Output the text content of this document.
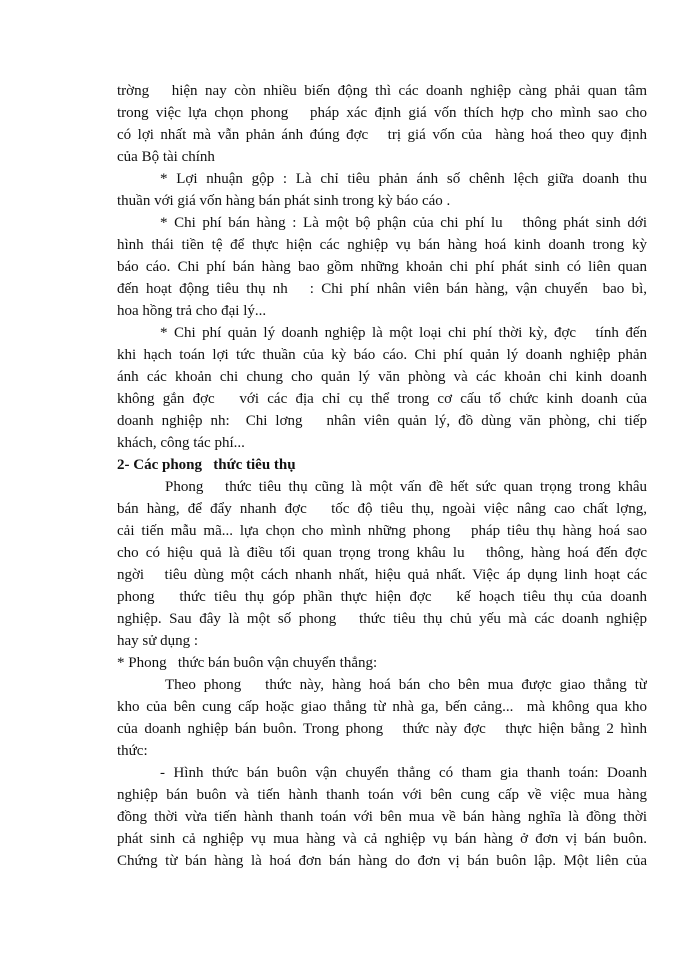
trờng   hiện nay còn nhiều biến động thì các doanh nghiệp càng phải quan tâm
trong việc lựa chọn phong   pháp xác định giá vốn thích hợp cho mình sao cho
có lợi nhất mà vẫn phản ánh đúng đợc   trị giá vốn của  hàng hoá theo quy định
của Bộ tài chính
* Lợi nhuận gộp : Là chỉ tiêu phản ánh số chênh lệch giữa doanh thu
thuần với giá vốn hàng bán phát sinh trong kỳ báo cáo .
* Chi phí bán hàng : Là một bộ phận của chi phí lu   thông phát sinh dới
hình thái tiền tệ để thực hiện các nghiệp vụ bán hàng hoá kinh doanh trong kỳ
báo cáo. Chi phí bán hàng bao gồm những khoản chi phí phát sinh có liên quan
đến hoạt động tiêu thụ nh   : Chi phí nhân viên bán hàng, vận chuyển  bao bì,
hoa hồng trả cho đại lý...
* Chi phí quản lý doanh nghiệp là một loại chi phí thời kỳ, đợc   tính đến
khi hạch toán lợi tức thuần của kỳ báo cáo. Chi phí quản lý doanh nghiệp phản
ánh các khoản chi chung cho quản lý văn phòng và các khoản chi kinh doanh
không gắn đợc   với các địa chỉ cụ thể trong cơ cấu tổ chức kinh doanh của
doanh nghiệp nh:  Chi lơng   nhân viên quản lý, đồ dùng văn phòng, chi tiếp
khách, công tác phí...
2- Các phong   thức tiêu thụ
Phong   thức tiêu thụ cũng là một vấn đề hết sức quan trọng trong khâu
bán hàng, để đẩy nhanh đợc   tốc độ tiêu thụ, ngoài việc nâng cao chất lợng,
cải tiến mẫu mã... lựa chọn cho mình những phong   pháp tiêu thụ hàng hoá sao
cho có hiệu quả là điều tối quan trọng trong khâu lu   thông, hàng hoá đến đợc
ngời   tiêu dùng một cách nhanh nhất, hiệu quả nhất. Việc áp dụng linh hoạt các
phong   thức tiêu thụ góp phần thực hiện đợc   kế hoạch tiêu thụ của doanh
nghiệp. Sau đây là một số phong   thức tiêu thụ chủ yếu mà các doanh nghiệp
hay sử dụng :
* Phong   thức bán buôn vận chuyển thẳng:
Theo phong   thức này, hàng hoá bán cho bên mua được giao thẳng từ
kho của bên cung cấp hoặc giao thẳng từ nhà ga, bến cảng...  mà không qua kho
của doanh nghiệp bán buôn. Trong phong   thức này đợc   thực hiện bằng 2 hình
thức:
- Hình thức bán buôn vận chuyển thẳng có tham gia thanh toán: Doanh
nghiệp bán buôn và tiến hành thanh toán với bên cung cấp về việc mua hàng
đồng thời vừa tiến hành thanh toán với bên mua về bán hàng nghĩa là đồng thời
phát sinh cả nghiệp vụ mua hàng và cả nghiệp vụ bán hàng ở đơn vị bán buôn.
Chứng từ bán hàng là hoá đơn bán hàng do đơn vị bán buôn lập. Một liên của
